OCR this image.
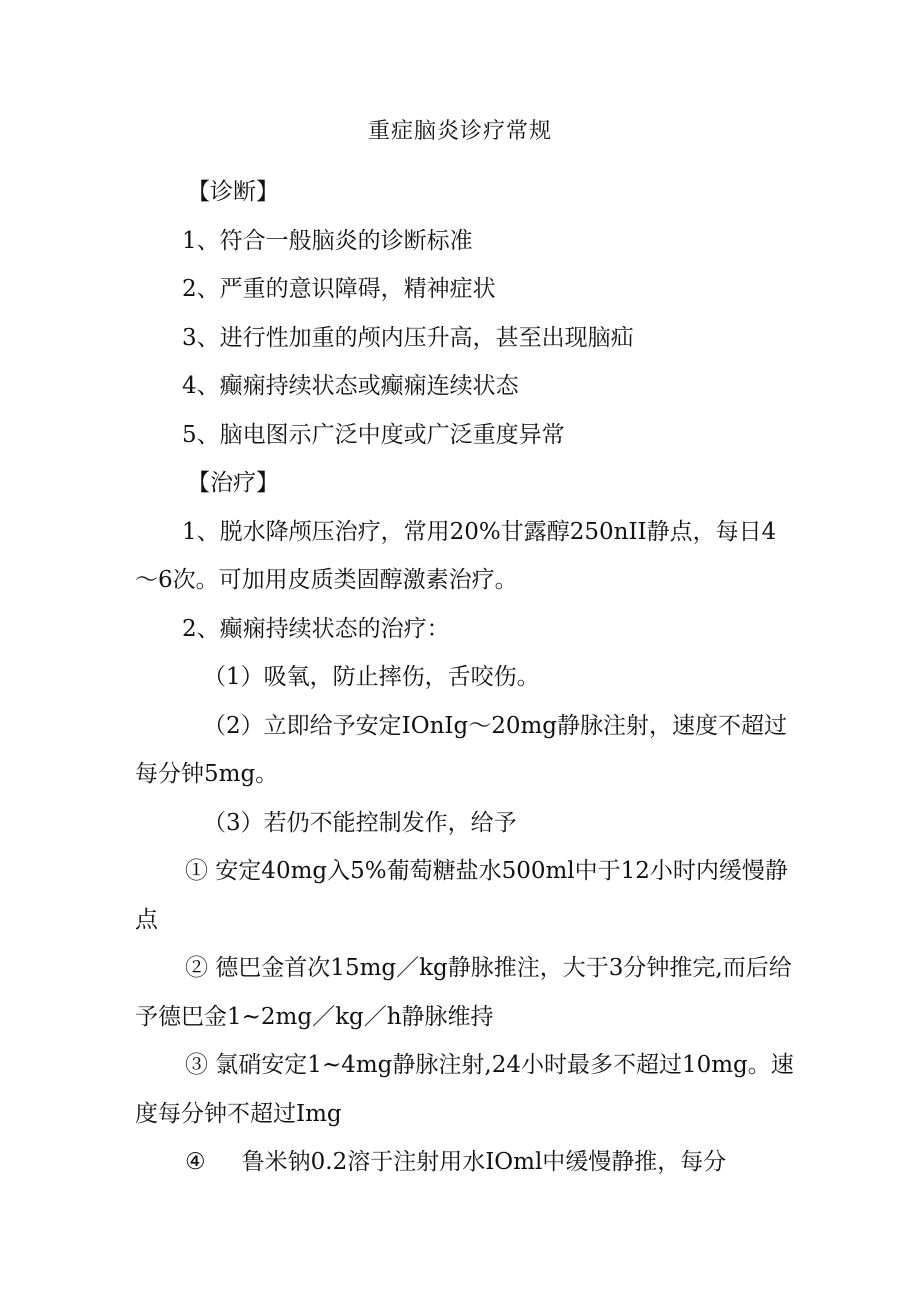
重症脑炎诊疗常规

【诊断】

1、符合一般脑炎的诊断标准

2、严重的意识障碍，精神症状

3、进行性加重的颅内压升高，甚至出现脑疝

4、癫痫持续状态或癫痫连续状态

5、脑电图示广泛中度或广泛重度异常

【治疗】

1、脱水降颅压治疗，常用20%甘露醇250nII静点，每日4～6次。可加用皮质类固醇激素治疗。

2、癫痫持续状态的治疗：

（1）吸氧，防止摔伤，舌咬伤。

（2）立即给予安定IOnIg～20mg静脉注射，速度不超过每分钟5mg。

（3）若仍不能控制发作，给予

① 安定40mg入5%葡萄糖盐水500ml中于12小时内缓慢静点

② 德巴金首次15mg／kg静脉推注，大于3分钟推完,而后给予德巴金1~2mg／kg／h静脉维持

③ 氯硝安定1~4mg静脉注射,24小时最多不超过10mg。速度每分钟不超过Img

④ 鲁米钠0.2溶于注射用水IOml中缓慢静推，每分
